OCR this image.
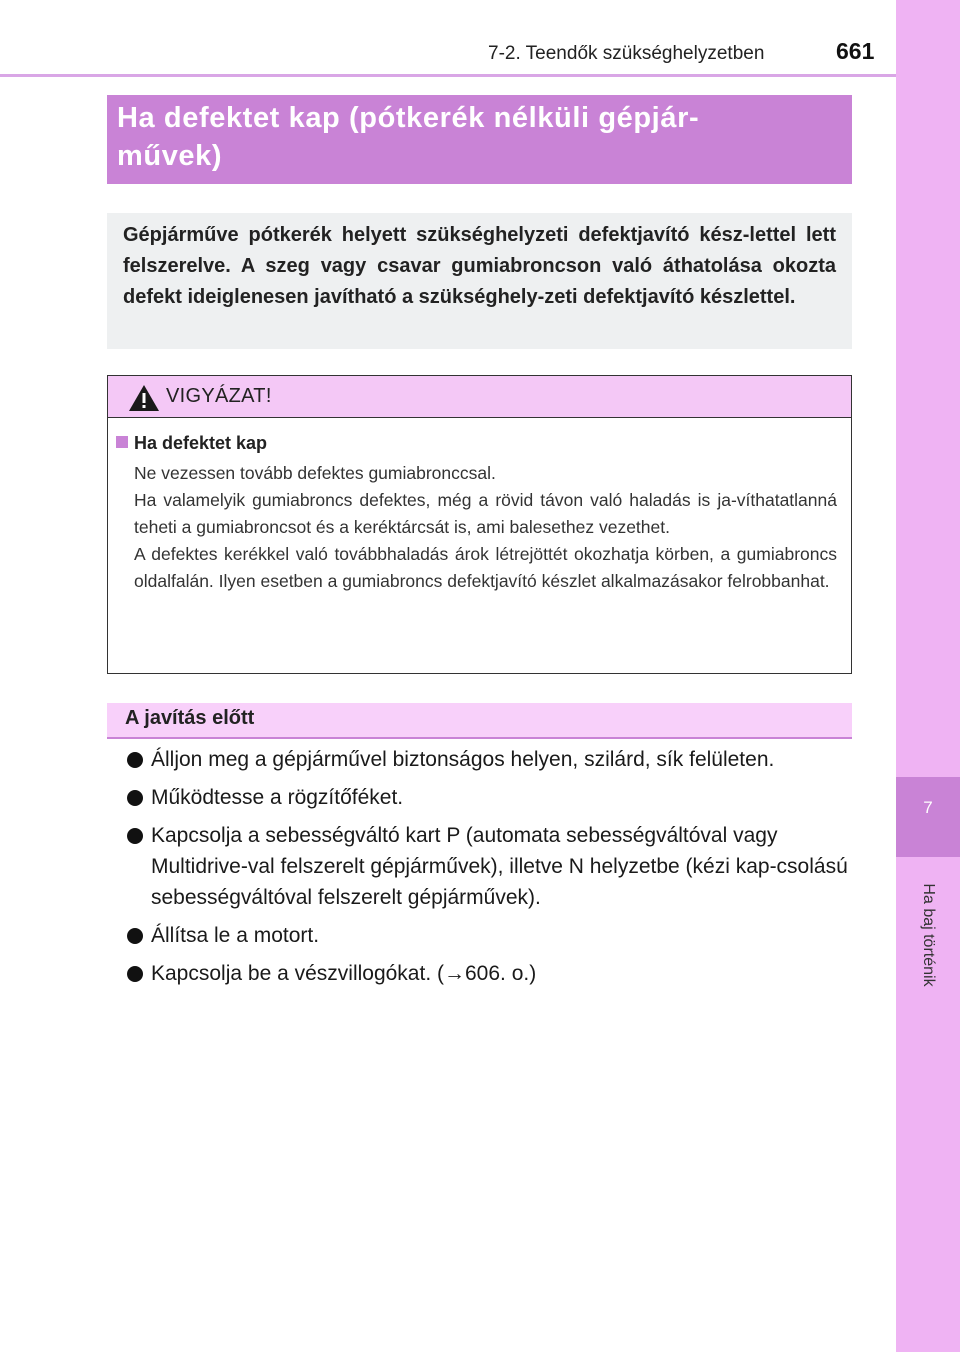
7-2. Teendők szükséghelyzetben	661
7
Ha baj történik
Ha defektet kap (pótkerék nélküli gépjár-
művek)

Gépjárműve pótkerék helyett szükséghelyzeti defektjavító kész-lettel lett felszerelve. A szeg vagy csavar gumiabroncson való áthatolása okozta defekt ideiglenesen javítható a szükséghely-zeti defektjavító készlettel.

VIGYÁZAT!
Ha defektet kap

Ne vezessen tovább defektes gumiabronccsal.

Ha valamelyik gumiabroncs defektes, még a rövid távon való haladás is ja-víthatatlanná teheti a gumiabroncsot és a keréktárcsát is, ami balesethez vezethet.

A defektes kerékkel való továbbhaladás árok létrejöttét okozhatja körben, a gumiabroncs oldalfalán. Ilyen esetben a gumiabroncs defektjavító készlet alkalmazásakor felrobbanhat.

A javítás előtt
Álljon meg a gépjárművel biztonságos helyen, szilárd, sík felületen.
Működtesse a rögzítőféket.
Kapcsolja a sebességváltó kart P (automata sebességváltóval vagy Multidrive-val felszerelt gépjárművek), illetve N helyzetbe (kézi kap-csolású sebességváltóval felszerelt gépjárművek).
Állítsa le a motort.
Kapcsolja be a vészvillogókat. (→606. o.)
